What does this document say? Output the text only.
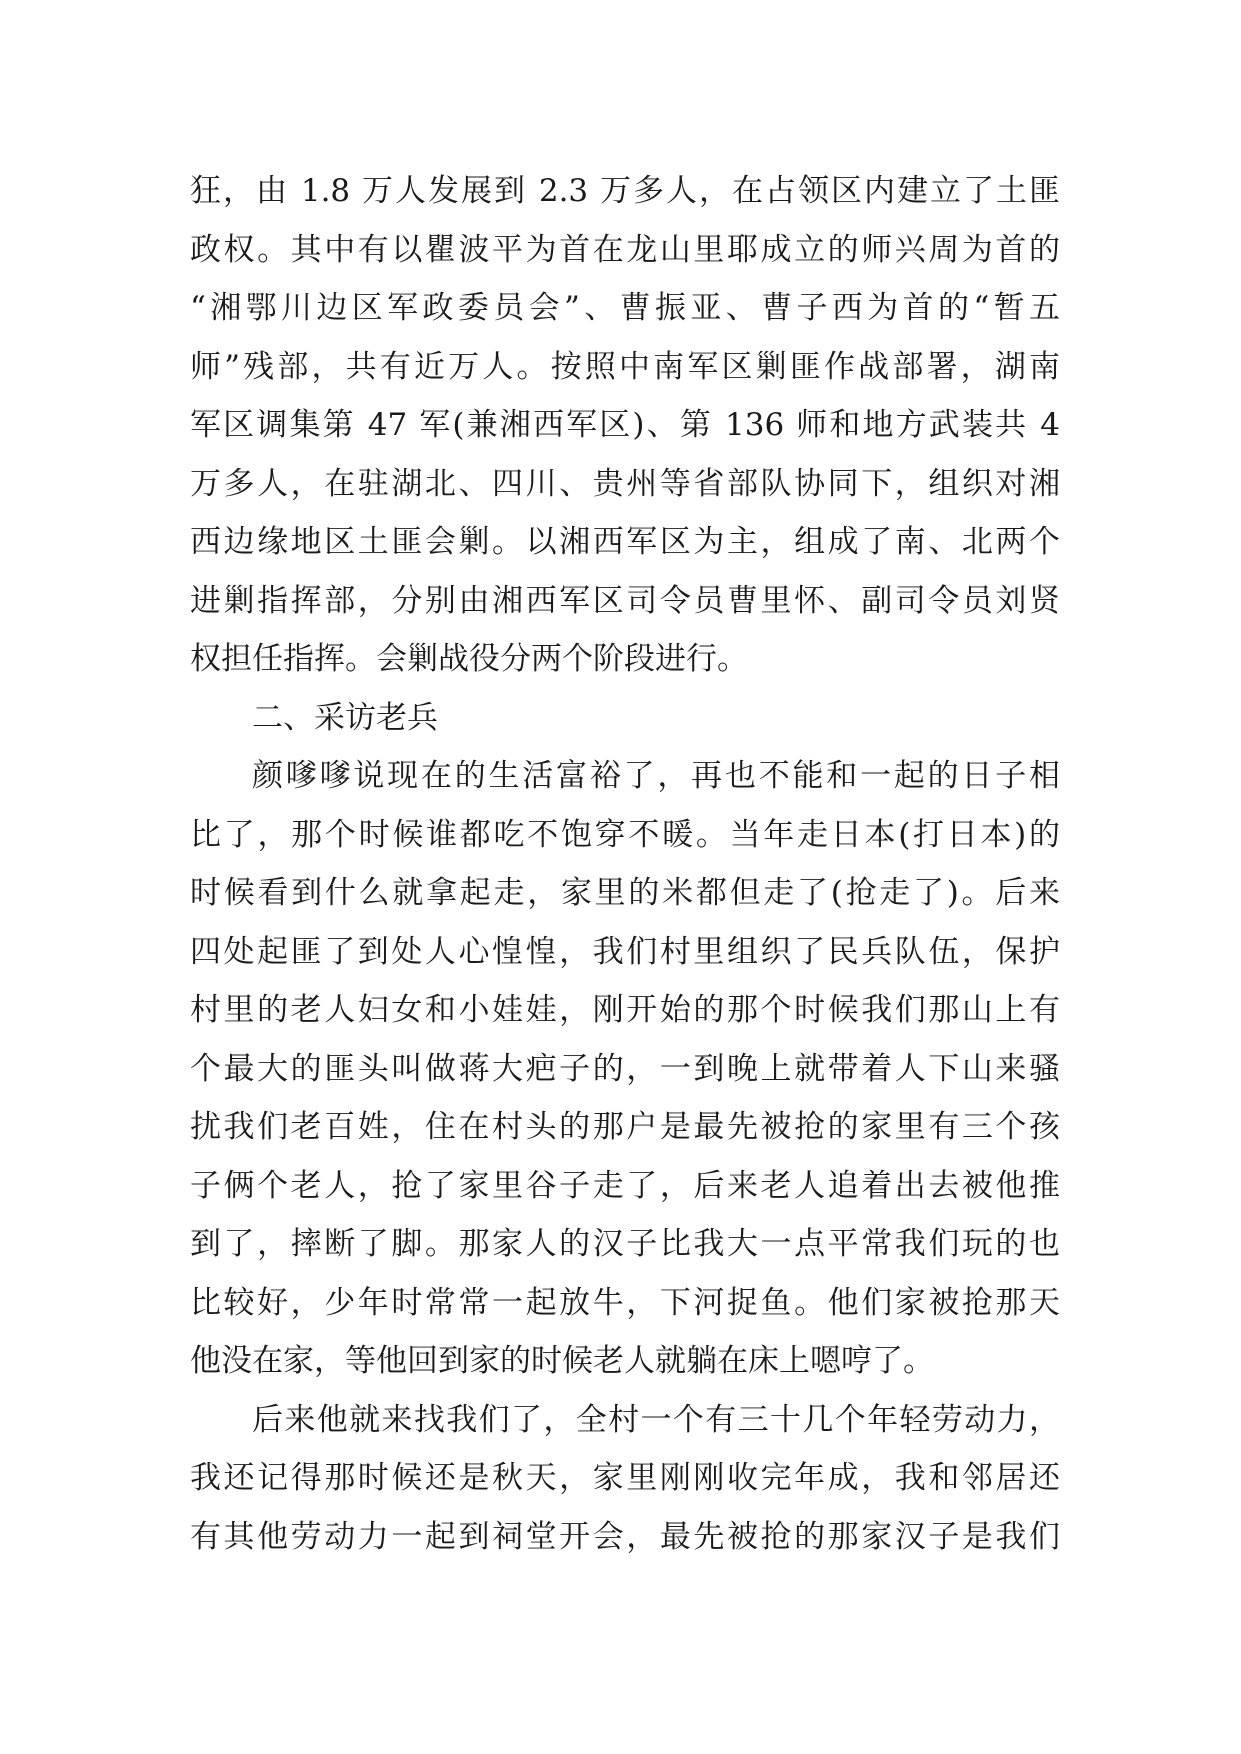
狂，由 1.8 万人发展到 2.3 万多人，在占领区内建立了土匪
政权。其中有以瞿波平为首在龙山里耶成立的师兴周为首的
“湘鄂川边区军政委员会”、曹振亚、曹子西为首的“暂五
师”残部，共有近万人。按照中南军区剿匪作战部署，湖南
军区调集第 47 军(兼湘西军区)、第 136 师和地方武装共 4
万多人，在驻湖北、四川、贵州等省部队协同下，组织对湘
西边缘地区土匪会剿。以湘西军区为主，组成了南、北两个
进剿指挥部，分别由湘西军区司令员曹里怀、副司令员刘贤
权担任指挥。会剿战役分两个阶段进行。
二、采访老兵
颜嗲嗲说现在的生活富裕了，再也不能和一起的日子相
比了，那个时候谁都吃不饱穿不暖。当年走日本(打日本)的
时候看到什么就拿起走，家里的米都但走了(抢走了)。后来
四处起匪了到处人心惶惶，我们村里组织了民兵队伍，保护
村里的老人妇女和小娃娃，刚开始的那个时候我们那山上有
个最大的匪头叫做蒋大疤子的，一到晚上就带着人下山来骚
扰我们老百姓，住在村头的那户是最先被抢的家里有三个孩
子俩个老人，抢了家里谷子走了，后来老人追着出去被他推
到了，摔断了脚。那家人的汉子比我大一点平常我们玩的也
比较好，少年时常常一起放牛，下河捉鱼。他们家被抢那天
他没在家，等他回到家的时候老人就躺在床上嗯哼了。
后来他就来找我们了，全村一个有三十几个年轻劳动力，
我还记得那时候还是秋天，家里刚刚收完年成，我和邻居还
有其他劳动力一起到祠堂开会，最先被抢的那家汉子是我们
